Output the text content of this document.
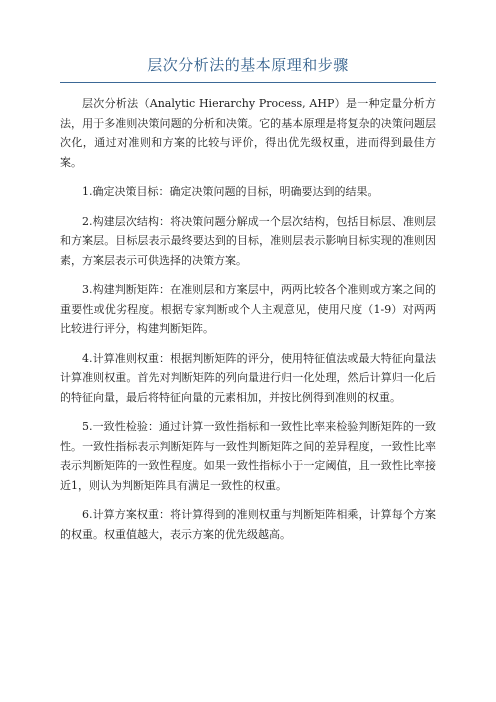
层次分析法的基本原理和步骤

层次分析法（Analytic Hierarchy Process, AHP）是一种定量分析方法，用于多准则决策问题的分析和决策。它的基本原理是将复杂的决策问题层次化，通过对准则和方案的比较与评价，得出优先级权重，进而得到最佳方案。

1.确定决策目标：确定决策问题的目标，明确要达到的结果。

2.构建层次结构：将决策问题分解成一个层次结构，包括目标层、准则层和方案层。目标层表示最终要达到的目标，准则层表示影响目标实现的准则因素，方案层表示可供选择的决策方案。

3.构建判断矩阵：在准则层和方案层中，两两比较各个准则或方案之间的重要性或优劣程度。根据专家判断或个人主观意见，使用尺度（1-9）对两两比较进行评分，构建判断矩阵。

4.计算准则权重：根据判断矩阵的评分，使用特征值法或最大特征向量法计算准则权重。首先对判断矩阵的列向量进行归一化处理，然后计算归一化后的特征向量，最后将特征向量的元素相加，并按比例得到准则的权重。

5.一致性检验：通过计算一致性指标和一致性比率来检验判断矩阵的一致性。一致性指标表示判断矩阵与一致性判断矩阵之间的差异程度，一致性比率表示判断矩阵的一致性程度。如果一致性指标小于一定阈值，且一致性比率接近1，则认为判断矩阵具有满足一致性的权重。

6.计算方案权重：将计算得到的准则权重与判断矩阵相乘，计算每个方案的权重。权重值越大，表示方案的优先级越高。
